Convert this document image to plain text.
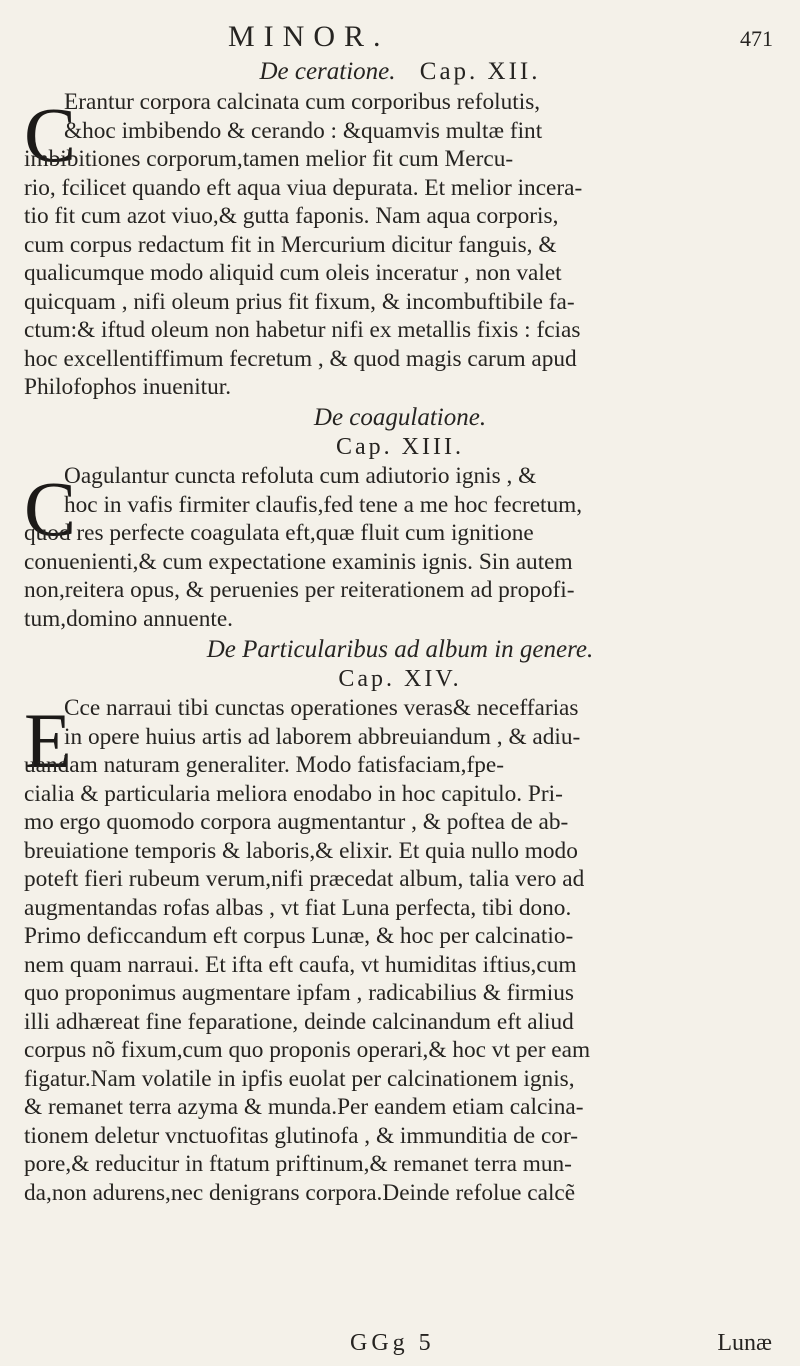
MINOR.	471
De ceratione. Cap. XII.
C
Erantur corpora calcinata cum corporibus refolutis,
&hoc imbibendo & cerando : &quamvis multæ fint
imbibitiones corporum,tamen melior fit cum Mercu-
rio, fcilicet quando eft aqua viua depurata. Et melior incera-
tio fit cum azot viuo,& gutta faponis. Nam aqua corporis,
cum corpus redactum fit in Mercurium dicitur fanguis, &
qualicumque modo aliquid cum oleis inceratur , non valet
quicquam , nifi oleum prius fit fixum, & incombuftibile fa-
ctum:& iftud oleum non habetur nifi ex metallis fixis : fcias
hoc excellentiffimum fecretum , & quod magis carum apud
Philofophos inuenitur.
De coagulatione.
Cap. XIII.
C
Oagulantur cuncta refoluta cum adiutorio ignis , &
hoc in vafis firmiter claufis,fed tene a me hoc fecretum,
quod res perfecte coagulata eft,quæ fluit cum ignitione
conuenienti,& cum expectatione examinis ignis. Sin autem
non,reitera opus, & peruenies per reiterationem ad propofi-
tum,domino annuente.
De Particularibus ad album in genere.
Cap. XIV.
E
Cce narraui tibi cunctas operationes veras& neceffarias
in opere huius artis ad laborem abbreuiandum , & adiu-
uandam naturam generaliter. Modo fatisfaciam,fpe-
cialia & particularia meliora enodabo in hoc capitulo. Pri-
mo ergo quomodo corpora augmentantur , & poftea de ab-
breuiatione temporis & laboris,& elixir. Et quia nullo modo
poteft fieri rubeum verum,nifi præcedat album, talia vero ad
augmentandas rofas albas , vt fiat Luna perfecta, tibi dono.
Primo deficcandum eft corpus Lunæ, & hoc per calcinatio-
nem quam narraui. Et ifta eft caufa, vt humiditas iftius,cum
quo proponimus augmentare ipfam , radicabilius & firmius
illi adhæreat fine feparatione, deinde calcinandum eft aliud
corpus nõ fixum,cum quo proponis operari,& hoc vt per eam
figatur.Nam volatile in ipfis euolat per calcinationem ignis,
& remanet terra azyma & munda.Per eandem etiam calcina-
tionem deletur vnctuofitas glutinofa , & immunditia de cor-
pore,& reducitur in ftatum priftinum,& remanet terra mun-
da,non adurens,nec denigrans corpora.Deinde refolue calcẽ
GGg 5	Lunæ
